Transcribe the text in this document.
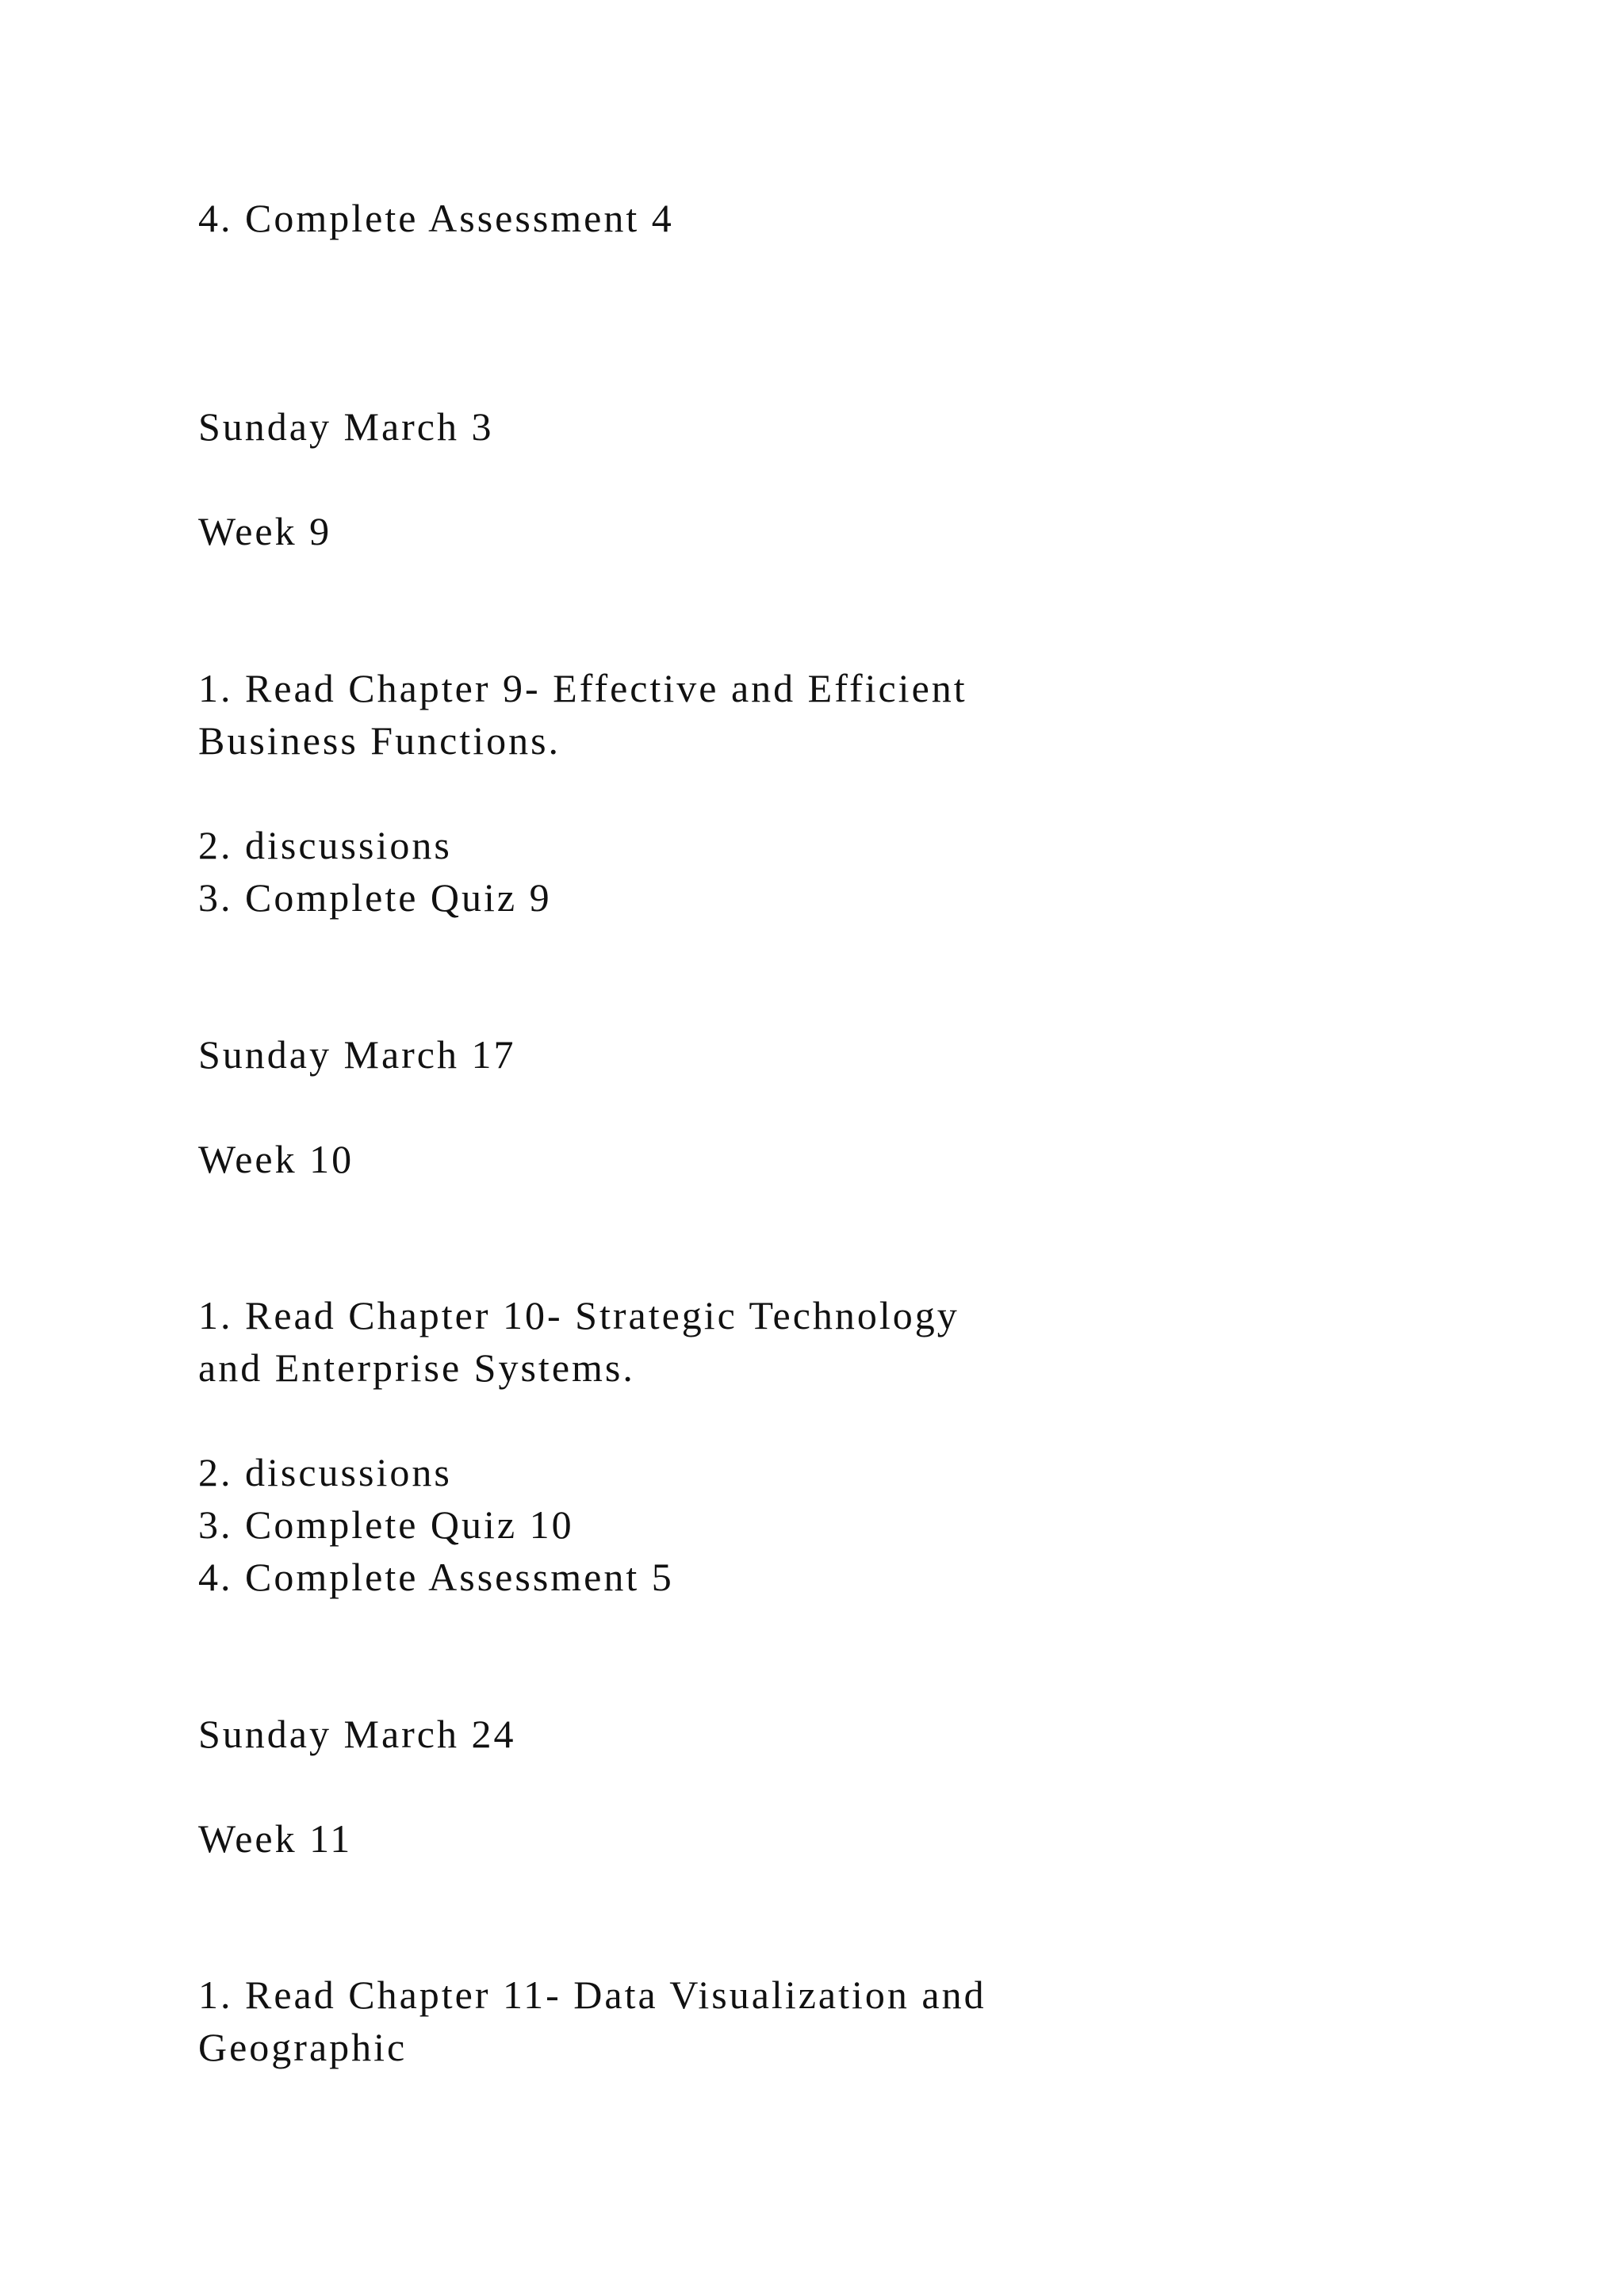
4. Complete Assessment 4

Sunday March 3

Week 9

1. Read Chapter 9- Effective and Efficient

Business Functions.

2. discussions

3. Complete Quiz 9

Sunday March 17

Week 10

1. Read Chapter 10- Strategic Technology

and Enterprise Systems.

2. discussions

3. Complete Quiz 10

4. Complete Assessment 5

Sunday March 24

Week 11

1. Read Chapter 11- Data Visualization and

Geographic
